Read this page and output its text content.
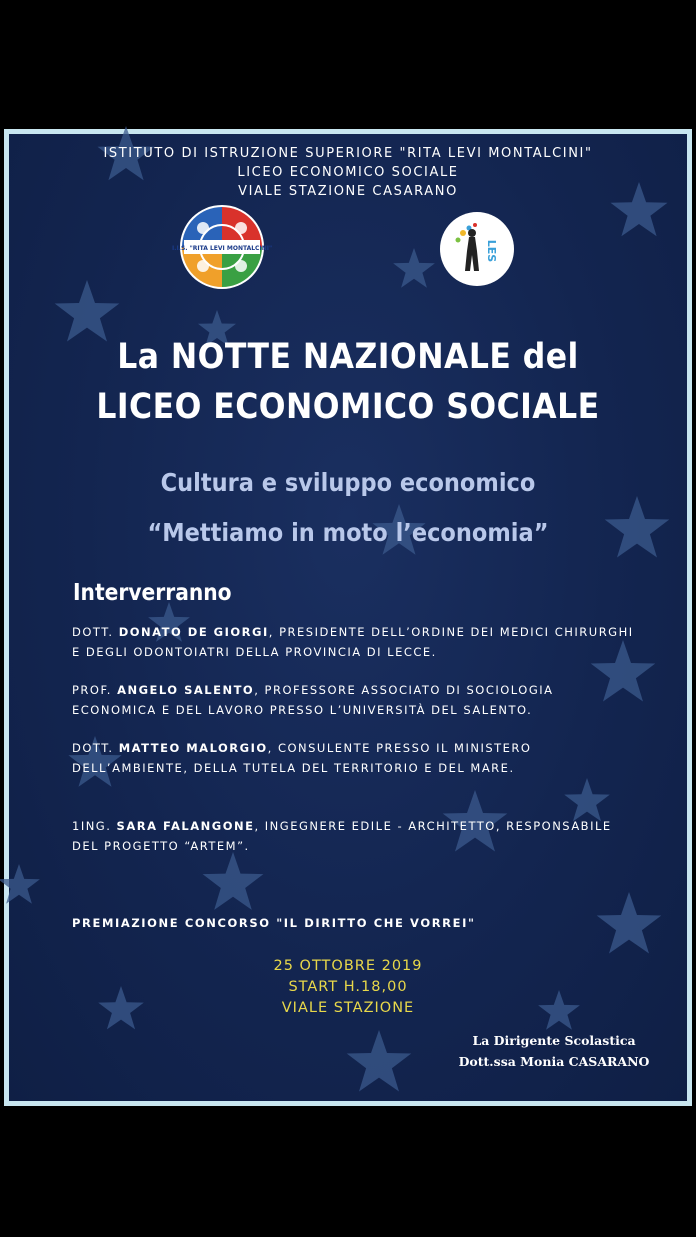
ISTITUTO DI ISTRUZIONE SUPERIORE "RITA LEVI MONTALCINI"
LICEO ECONOMICO SOCIALE
VIALE STAZIONE CASARANO
I.I.S. "RITA LEVI MONTALCINI"	LES
La NOTTE NAZIONALE del
LICEO ECONOMICO SOCIALE
Cultura e sviluppo economico
“Mettiamo in moto l’economia”
Interverranno
DOTT. DONATO DE GIORGI, PRESIDENTE DELL’ORDINE DEI MEDICI CHIRURGHI
E DEGLI ODONTOIATRI DELLA PROVINCIA DI LECCE.
PROF. ANGELO SALENTO, PROFESSORE ASSOCIATO DI SOCIOLOGIA
ECONOMICA E DEL LAVORO PRESSO L’UNIVERSITÀ DEL SALENTO.
DOTT. MATTEO MALORGIO, CONSULENTE PRESSO IL MINISTERO
DELL’AMBIENTE, DELLA TUTELA DEL TERRITORIO E DEL MARE.
1ING. SARA FALANGONE, INGEGNERE EDILE - ARCHITETTO, RESPONSABILE
DEL PROGETTO “ARTEM”.
PREMIAZIONE CONCORSO "IL DIRITTO CHE VORREI"
25 OTTOBRE 2019
START H.18,00
VIALE STAZIONE
La Dirigente Scolastica
Dott.ssa Monia CASARANO
